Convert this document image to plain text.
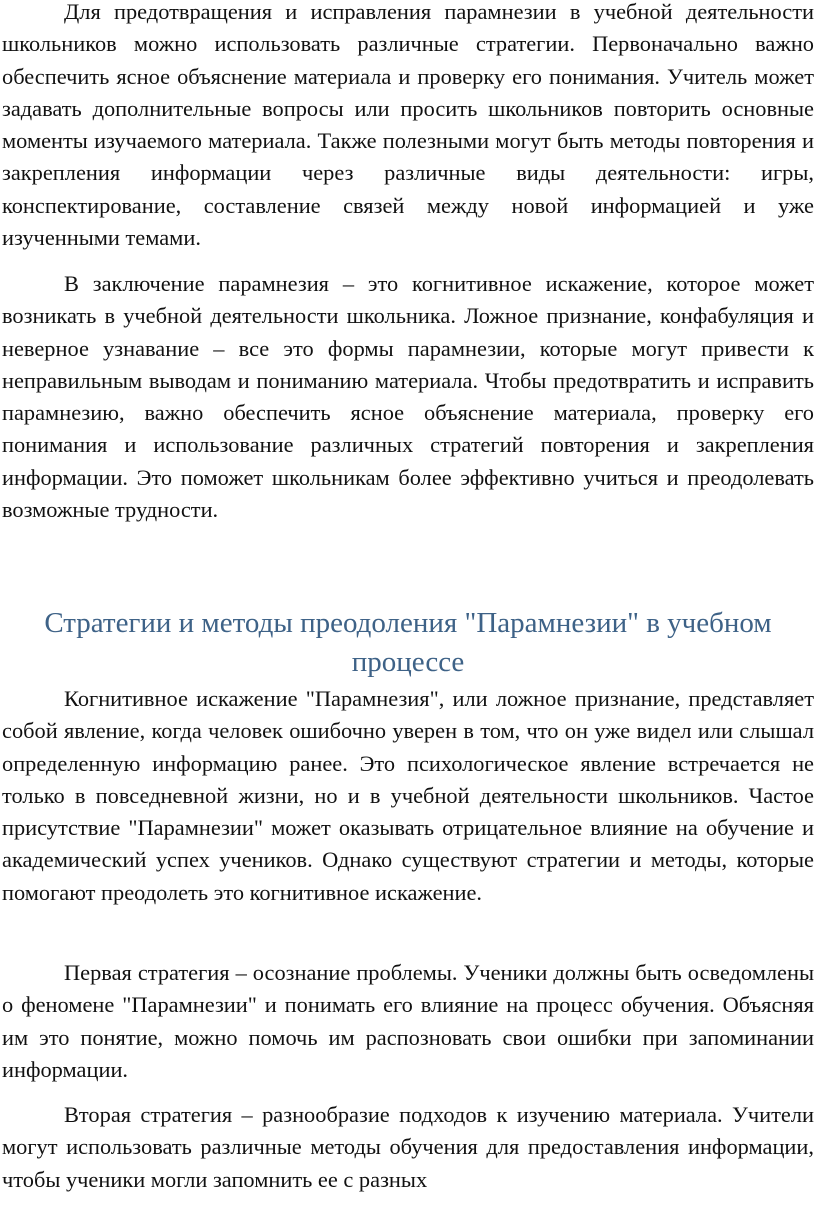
Для предотвращения и исправления парамнезии в учебной деятельности школьников можно использовать различные стратегии. Первоначально важно обеспечить ясное объяснение материала и проверку его понимания. Учитель может задавать дополнительные вопросы или просить школьников повторить основные моменты изучаемого материала. Также полезными могут быть методы повторения и закрепления информации через различные виды деятельности: игры, конспектирование, составление связей между новой информацией и уже изученными темами.

В заключение парамнезия – это когнитивное искажение, которое может возникать в учебной деятельности школьника. Ложное признание, конфабуляция и неверное узнавание – все это формы парамнезии, которые могут привести к неправильным выводам и пониманию материала. Чтобы предотвратить и исправить парамнезию, важно обеспечить ясное объяснение материала, проверку его понимания и использование различных стратегий повторения и закрепления информации. Это поможет школьникам более эффективно учиться и преодолевать возможные трудности.

Стратегии и методы преодоления "Парамнезии" в учебном процессе

Когнитивное искажение "Парамнезия", или ложное признание, представляет собой явление, когда человек ошибочно уверен в том, что он уже видел или слышал определенную информацию ранее. Это психологическое явление встречается не только в повседневной жизни, но и в учебной деятельности школьников. Частое присутствие "Парамнезии" может оказывать отрицательное влияние на обучение и академический успех учеников. Однако существуют стратегии и методы, которые помогают преодолеть это когнитивное искажение.

Первая стратегия – осознание проблемы. Ученики должны быть осведомлены о феномене "Парамнезии" и понимать его влияние на процесс обучения. Объясняя им это понятие, можно помочь им распозновать свои ошибки при запоминании информации.

Вторая стратегия – разнообразие подходов к изучению материала. Учители могут использовать различные методы обучения для предоставления информации, чтобы ученики могли запомнить ее с разных
